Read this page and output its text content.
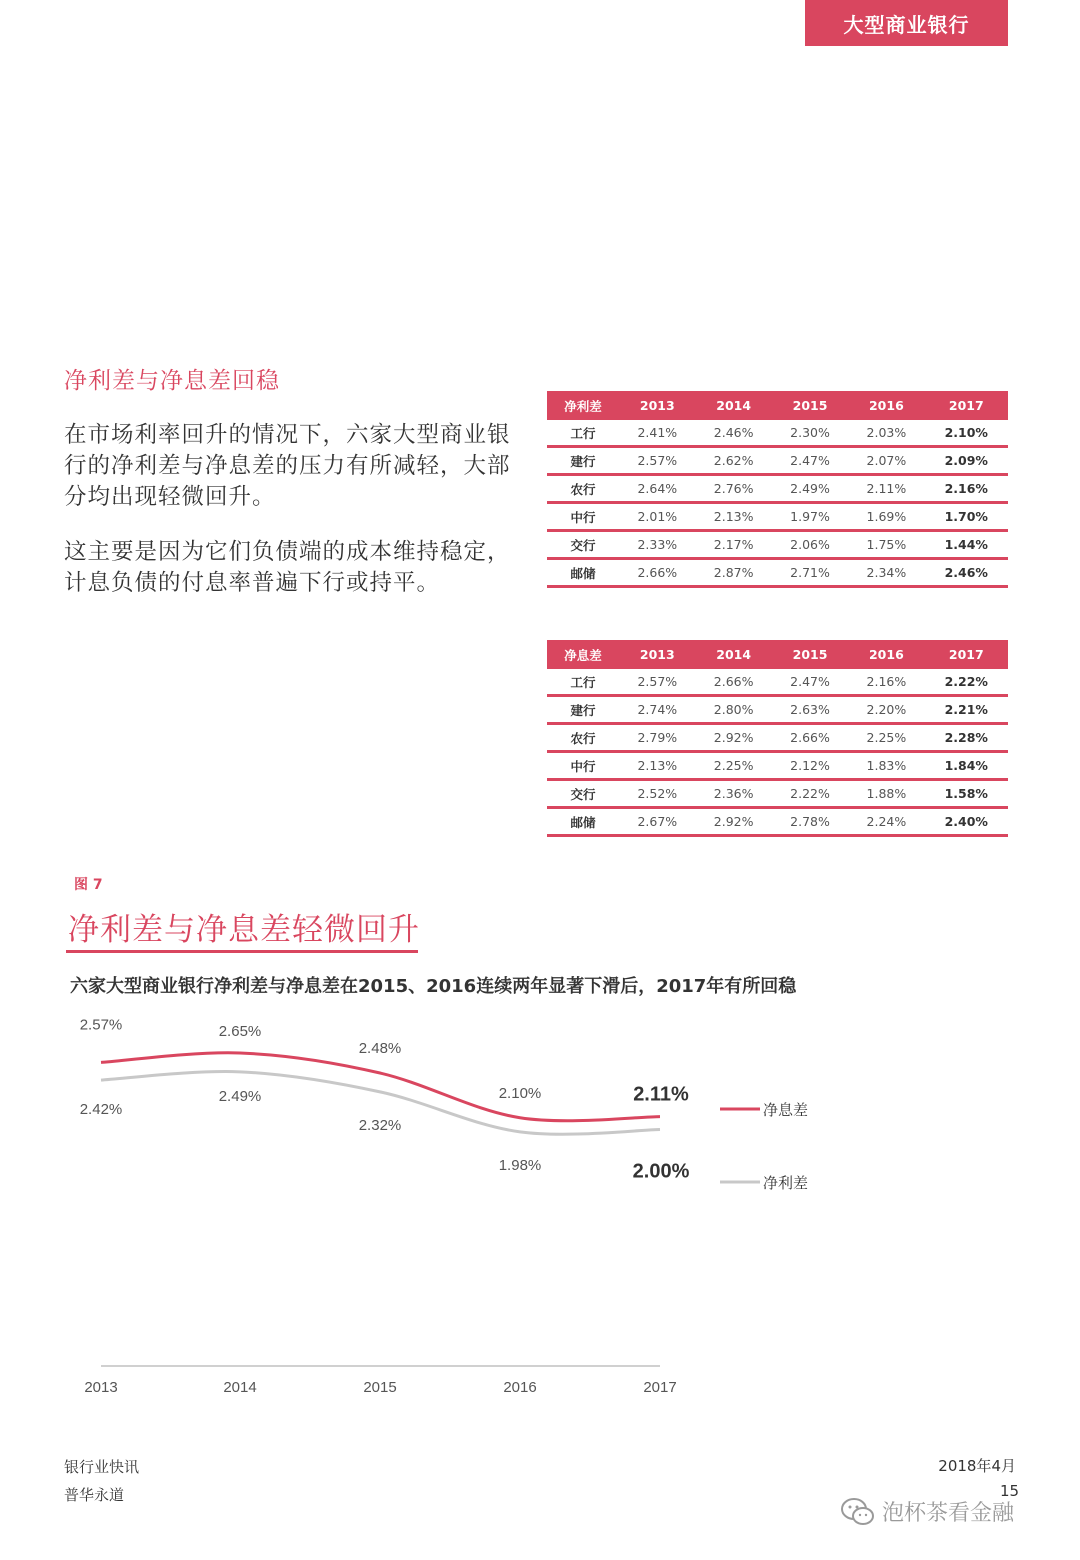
大型商业银行
净利差与净息差回稳
在市场利率回升的情况下，六家大型商业银行的净利差与净息差的压力有所减轻，大部分均出现轻微回升。
这主要是因为它们负债端的成本维持稳定，计息负债的付息率普遍下行或持平。
净利差	2013	2014	2015	2016	2017
工行	2.41%	2.46%	2.30%	2.03%	2.10%
建行	2.57%	2.62%	2.47%	2.07%	2.09%
农行	2.64%	2.76%	2.49%	2.11%	2.16%
中行	2.01%	2.13%	1.97%	1.69%	1.70%
交行	2.33%	2.17%	2.06%	1.75%	1.44%
邮储	2.66%	2.87%	2.71%	2.34%	2.46%
净息差	2013	2014	2015	2016	2017
工行	2.57%	2.66%	2.47%	2.16%	2.22%
建行	2.74%	2.80%	2.63%	2.20%	2.21%
农行	2.79%	2.92%	2.66%	2.25%	2.28%
中行	2.13%	2.25%	2.12%	1.83%	1.84%
交行	2.52%	2.36%	2.22%	1.88%	1.58%
邮储	2.67%	2.92%	2.78%	2.24%	2.40%
图 7
净利差与净息差轻微回升
六家大型商业银行净利差与净息差在2015、2016连续两年显著下滑后，2017年有所回稳
2013	2014	2015	2016	2017
2.57%	2.65%
2.48%
2.10%	2.11%
2.42%
2.49%
2.32%
1.98%	2.00%
净息差
净利差
银行业快讯
普华永道
2018年4月
15
泡杯茶看金融
